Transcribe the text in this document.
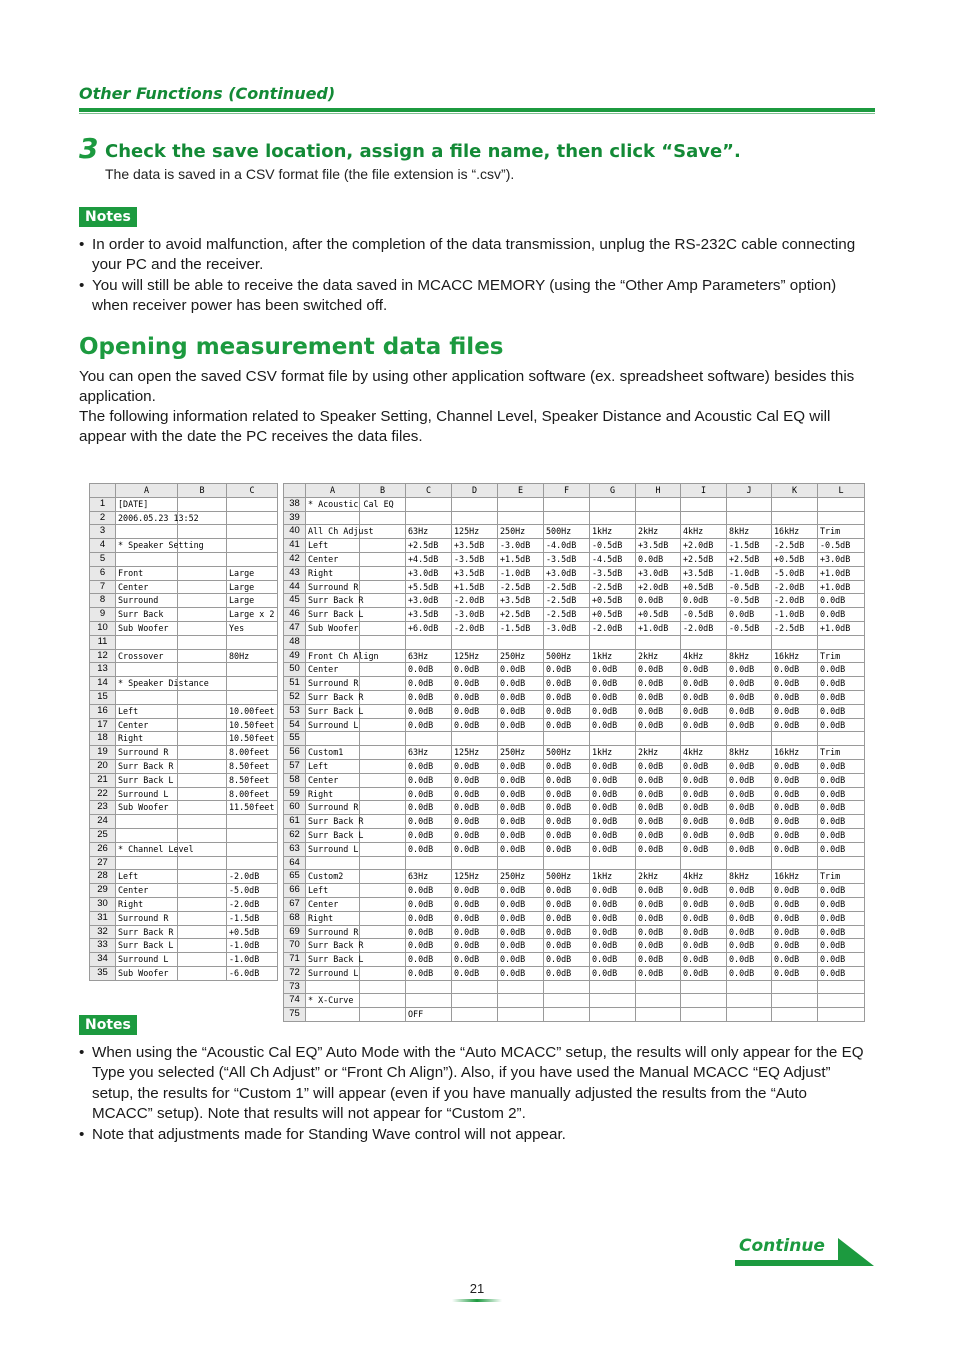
Other Functions (Continued)
3 Check the save location, assign a file name, then click “Save”.
The data is saved in a CSV format file (the file extension is “.csv”).
Notes
• In order to avoid malfunction, after the completion of the data transmission, unplug the RS-232C cable connecting your PC and the receiver.
• You will still be able to receive the data saved in MCACC MEMORY (using the “Other Amp Parameters” option) when receiver power has been switched off.
Opening measurement data files
You can open the saved CSV format file by using other application software (ex. spreadsheet software) besides this application.
The following information related to Speaker Setting, Channel Level, Speaker Distance and Acoustic Cal EQ will appear with the date the PC receives the data files.
	A	B	C
1	[DATE]		
2	2006.05.23 13:52		
3			
4	* Speaker Setting		
5			
6	Front		Large
7	Center		Large
8	Surround		Large
9	Surr Back		Large x 2
10	Sub Woofer		Yes
11			
12	Crossover		80Hz
13			
14	* Speaker Distance		
15			
16	Left		10.00feet
17	Center		10.50feet
18	Right		10.50feet
19	Surround R		8.00feet
20	Surr Back R		8.50feet
21	Surr Back L		8.50feet
22	Surround L		8.00feet
23	Sub Woofer		11.50feet
24			
25			
26	* Channel Level		
27			
28	Left		-2.0dB
29	Center		-5.0dB
30	Right		-2.0dB
31	Surround R		-1.5dB
32	Surr Back R		+0.5dB
33	Surr Back L		-1.0dB
34	Surround L		-1.0dB
35	Sub Woofer		-6.0dB
	A	B	C	D	E	F	G	H	I	J	K	L
38	* Acoustic Cal EQ											
39												
40	All Ch Adjust		63Hz	125Hz	250Hz	500Hz	1kHz	2kHz	4kHz	8kHz	16kHz	Trim
41	Left		+2.5dB	+3.5dB	-3.0dB	-4.0dB	-0.5dB	+3.5dB	+2.0dB	-1.5dB	-2.5dB	-0.5dB
42	Center		+4.5dB	-3.5dB	+1.5dB	-3.5dB	-4.5dB	0.0dB	+2.5dB	+2.5dB	+0.5dB	+3.0dB
43	Right		+3.0dB	+3.5dB	-1.0dB	+3.0dB	-3.5dB	+3.0dB	+3.5dB	-1.0dB	-5.0dB	+1.0dB
44	Surround R		+5.5dB	+1.5dB	-2.5dB	-2.5dB	-2.5dB	+2.0dB	+0.5dB	-0.5dB	-2.0dB	+1.0dB
45	Surr Back R		+3.0dB	-2.0dB	+3.5dB	-2.5dB	+0.5dB	0.0dB	0.0dB	-0.5dB	-2.0dB	0.0dB
46	Surr Back L		+3.5dB	-3.0dB	+2.5dB	-2.5dB	+0.5dB	+0.5dB	-0.5dB	0.0dB	-1.0dB	0.0dB
47	Sub Woofer		+6.0dB	-2.0dB	-1.5dB	-3.0dB	-2.0dB	+1.0dB	-2.0dB	-0.5dB	-2.5dB	+1.0dB
48												
49	Front Ch Align		63Hz	125Hz	250Hz	500Hz	1kHz	2kHz	4kHz	8kHz	16kHz	Trim
50	Center		0.0dB	0.0dB	0.0dB	0.0dB	0.0dB	0.0dB	0.0dB	0.0dB	0.0dB	0.0dB
51	Surround R		0.0dB	0.0dB	0.0dB	0.0dB	0.0dB	0.0dB	0.0dB	0.0dB	0.0dB	0.0dB
52	Surr Back R		0.0dB	0.0dB	0.0dB	0.0dB	0.0dB	0.0dB	0.0dB	0.0dB	0.0dB	0.0dB
53	Surr Back L		0.0dB	0.0dB	0.0dB	0.0dB	0.0dB	0.0dB	0.0dB	0.0dB	0.0dB	0.0dB
54	Surround L		0.0dB	0.0dB	0.0dB	0.0dB	0.0dB	0.0dB	0.0dB	0.0dB	0.0dB	0.0dB
55												
56	Custom1		63Hz	125Hz	250Hz	500Hz	1kHz	2kHz	4kHz	8kHz	16kHz	Trim
57	Left		0.0dB	0.0dB	0.0dB	0.0dB	0.0dB	0.0dB	0.0dB	0.0dB	0.0dB	0.0dB
58	Center		0.0dB	0.0dB	0.0dB	0.0dB	0.0dB	0.0dB	0.0dB	0.0dB	0.0dB	0.0dB
59	Right		0.0dB	0.0dB	0.0dB	0.0dB	0.0dB	0.0dB	0.0dB	0.0dB	0.0dB	0.0dB
60	Surround R		0.0dB	0.0dB	0.0dB	0.0dB	0.0dB	0.0dB	0.0dB	0.0dB	0.0dB	0.0dB
61	Surr Back R		0.0dB	0.0dB	0.0dB	0.0dB	0.0dB	0.0dB	0.0dB	0.0dB	0.0dB	0.0dB
62	Surr Back L		0.0dB	0.0dB	0.0dB	0.0dB	0.0dB	0.0dB	0.0dB	0.0dB	0.0dB	0.0dB
63	Surround L		0.0dB	0.0dB	0.0dB	0.0dB	0.0dB	0.0dB	0.0dB	0.0dB	0.0dB	0.0dB
64												
65	Custom2		63Hz	125Hz	250Hz	500Hz	1kHz	2kHz	4kHz	8kHz	16kHz	Trim
66	Left		0.0dB	0.0dB	0.0dB	0.0dB	0.0dB	0.0dB	0.0dB	0.0dB	0.0dB	0.0dB
67	Center		0.0dB	0.0dB	0.0dB	0.0dB	0.0dB	0.0dB	0.0dB	0.0dB	0.0dB	0.0dB
68	Right		0.0dB	0.0dB	0.0dB	0.0dB	0.0dB	0.0dB	0.0dB	0.0dB	0.0dB	0.0dB
69	Surround R		0.0dB	0.0dB	0.0dB	0.0dB	0.0dB	0.0dB	0.0dB	0.0dB	0.0dB	0.0dB
70	Surr Back R		0.0dB	0.0dB	0.0dB	0.0dB	0.0dB	0.0dB	0.0dB	0.0dB	0.0dB	0.0dB
71	Surr Back L		0.0dB	0.0dB	0.0dB	0.0dB	0.0dB	0.0dB	0.0dB	0.0dB	0.0dB	0.0dB
72	Surround L		0.0dB	0.0dB	0.0dB	0.0dB	0.0dB	0.0dB	0.0dB	0.0dB	0.0dB	0.0dB
73												
74	* X-Curve											
75			OFF									
Notes
• When using the “Acoustic Cal EQ” Auto Mode with the “Auto MCACC” setup, the results will only appear for the EQ Type you selected (“All Ch Adjust” or “Front Ch Align”). Also, if you have used the Manual MCACC “EQ Adjust” setup, the results for “Custom 1” will appear (even if you have manually adjusted the results from the “Auto MCACC” setup). Note that results will not appear for “Custom 2”.
• Note that adjustments made for Standing Wave control will not appear.
Continue
21
